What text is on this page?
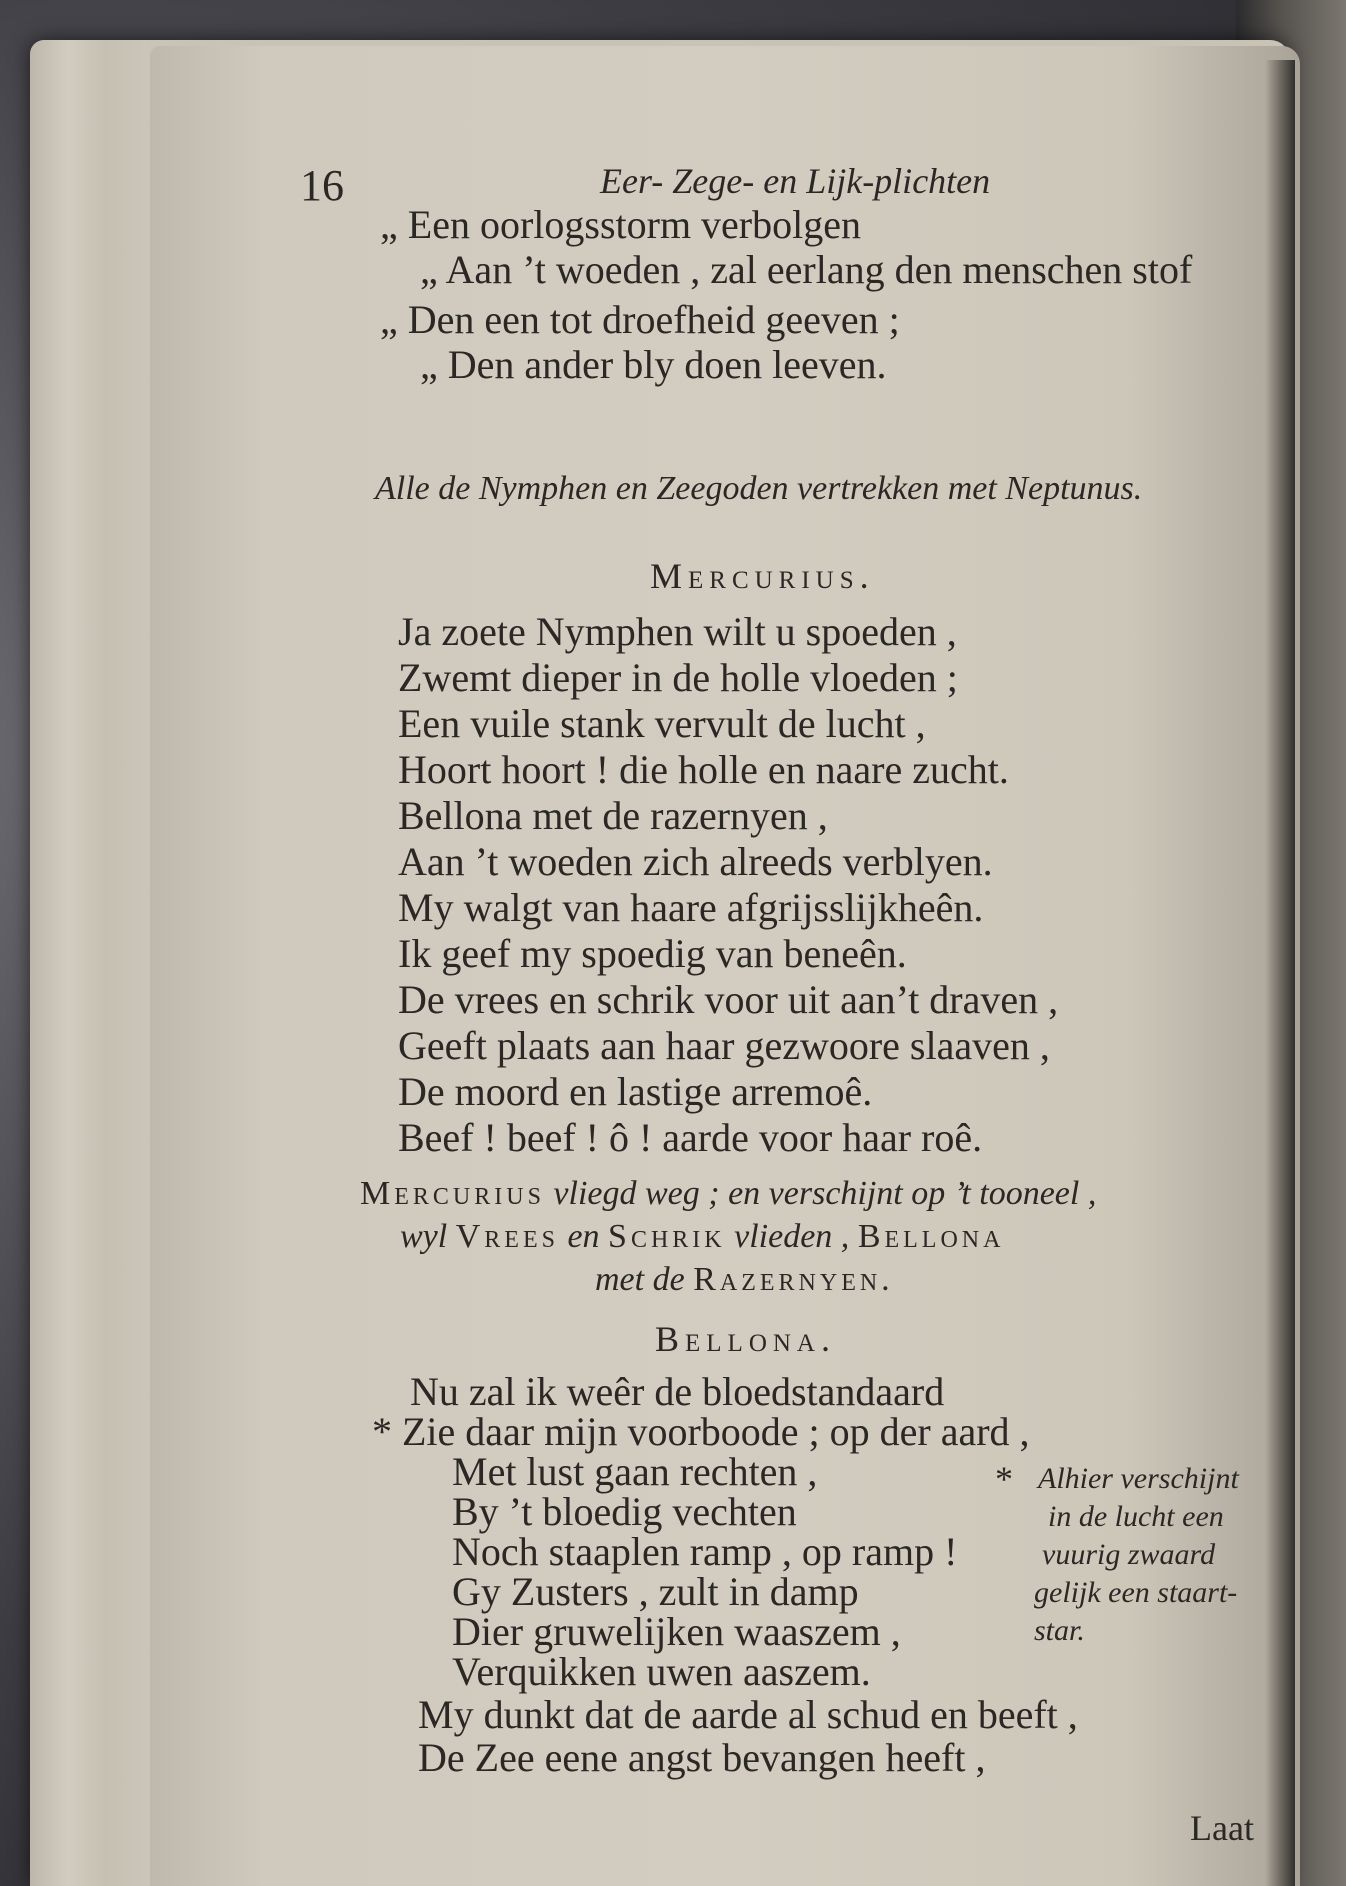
16	Eer- Zege- en Lijk-plichten
„ Een oorlogsstorm verbolgen
„ Aan ’t woeden , zal eerlang den menschen stof
„ Den een tot droefheid geeven ;
„ Den ander bly doen leeven.
Alle de Nymphen en Zeegoden vertrekken met Neptunus.
Mercurius.
Ja zoete Nymphen wilt u spoeden ,
Zwemt dieper in de holle vloeden ;
Een vuile stank vervult de lucht ,
Hoort hoort ! die holle en naare zucht.
Bellona met de razernyen ,
Aan ’t woeden zich alreeds verblyen.
My walgt van haare afgrijsslijkheên.
Ik geef my spoedig van beneên.
De vrees en schrik voor uit aan’t draven ,
Geeft plaats aan haar gezwoore slaaven ,
De moord en lastige arremoê.
Beef ! beef ! ô ! aarde voor haar roê.
Mercurius vliegd weg ; en verschijnt op ’t tooneel ,
wyl Vrees en Schrik vlieden , Bellona
met de Razernyen.
Bellona.
Nu zal ik weêr de bloedstandaard
* Zie daar mijn voorboode ; op der aard ,
Met lust gaan rechten ,
By ’t bloedig vechten
Noch staaplen ramp , op ramp !
Gy Zusters , zult in damp
Dier gruwelijken waaszem ,
Verquikken uwen aaszem.
My dunkt dat de aarde al schud en beeft ,
De Zee eene angst bevangen heeft ,
* Alhier verschijnt
in de lucht een
vuurig zwaard
gelijk een staart-
star.
Laat
